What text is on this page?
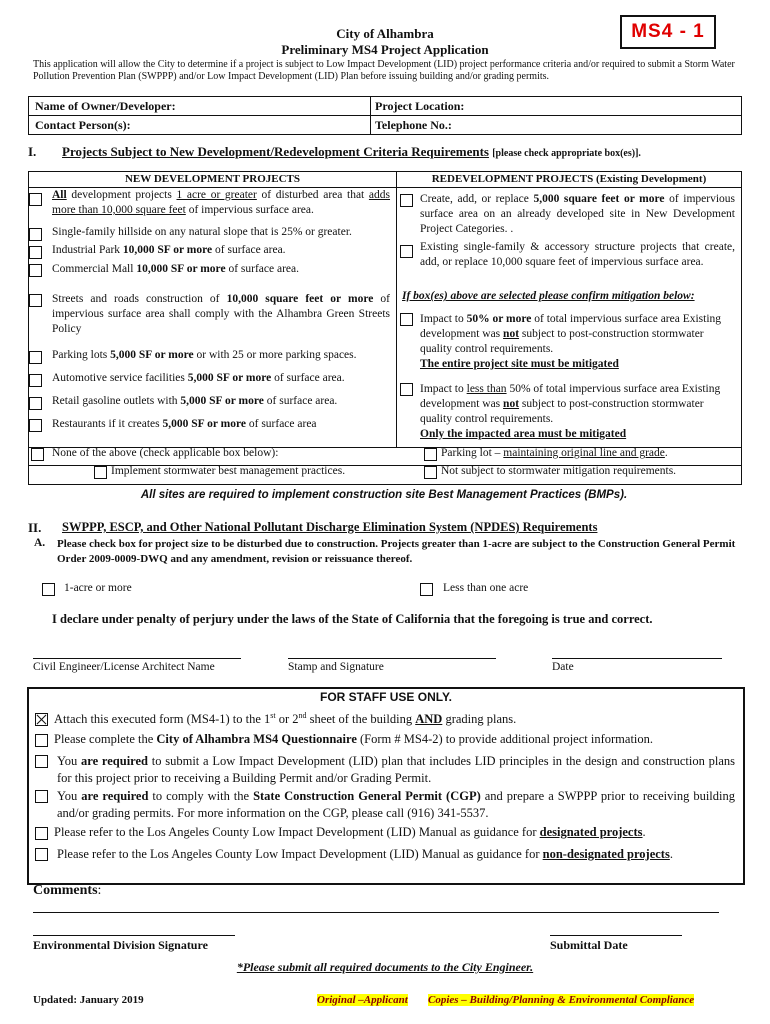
City of Alhambra
Preliminary MS4 Project Application
MS4 - 1
This application will allow the City to determine if a project is subject to Low Impact Development (LID) project performance criteria and/or required to submit a Storm Water Pollution Prevention Plan (SWPPP) and/or Low Impact Development (LID) Plan before issuing building and/or grading permits.
Name of Owner/Developer:	Project Location:
Contact Person(s):	Telephone No.:
I. Projects Subject to New Development/Redevelopment Criteria Requirements [please check appropriate box(es)].
NEW DEVELOPMENT PROJECTS	REDEVELOPMENT PROJECTS (Existing Development)

All development projects 1 acre or greater of disturbed area that adds more than 10,000 square feet of impervious surface area.

Single-family hillside on any natural slope that is 25% or greater.

Industrial Park 10,000 SF or more of surface area.

Commercial Mall 10,000 SF or more of surface area.

Streets and roads construction of 10,000 square feet or more of impervious surface area shall comply with the Alhambra Green Streets Policy

Parking lots 5,000 SF or more or with 25 or more parking spaces.

Automotive service facilities 5,000 SF or more of surface area.

Retail gasoline outlets with 5,000 SF or more of surface area.

Restaurants if it creates 5,000 SF or more of surface area

Create, add, or replace 5,000 square feet or more of impervious surface area on an already developed site in New Development Project Categories. .

Existing single-family & accessory structure projects that create, add, or replace 10,000 square feet of impervious surface area.

If box(es) above are selected please confirm mitigation below:

Impact to 50% or more of total impervious surface area Existing development was not subject to post-construction stormwater quality control requirements.
The entire project site must be mitigated

Impact to less than 50% of total impervious surface area Existing development was not subject to post-construction stormwater quality control requirements.
Only the impacted area must be mitigated

None of the above (check applicable box below):

Implement stormwater best management practices.

Parking lot – maintaining original line and grade.

Not subject to stormwater mitigation requirements.

All sites are required to implement construction site Best Management Practices (BMPs).

II. SWPPP, ESCP, and Other National Pollutant Discharge Elimination System (NPDES) Requirements
A. Please check box for project size to be disturbed due to construction. Projects greater than 1-acre are subject to the Construction General Permit Order 2009-0009-DWQ and any amendment, revision or reissuance thereof.

1-acre or more	Less than one acre

I declare under penalty of perjury under the laws of the State of California that the foregoing is true and correct.

Civil Engineer/License Architect Name	Stamp and Signature	Date

FOR STAFF USE ONLY.

Attach this executed form (MS4-1) to the 1st or 2nd sheet of the building AND grading plans.

Please complete the City of Alhambra MS4 Questionnaire (Form # MS4-2) to provide additional project information.

You are required to submit a Low Impact Development (LID) plan that includes LID principles in the design and construction plans for this project prior to receiving a Building Permit and/or Grading Permit.

You are required to comply with the State Construction General Permit (CGP) and prepare a SWPPP prior to receiving building and/or grading permits. For more information on the CGP, please call (916) 341-5537.

Please refer to the Los Angeles County Low Impact Development (LID) Manual as guidance for designated projects.

Please refer to the Los Angeles County Low Impact Development (LID) Manual as guidance for non-designated projects.

Comments:

Environmental Division Signature	Submittal Date

*Please submit all required documents to the City Engineer.

Updated: January 2019	Original –Applicant Copies – Building/Planning & Environmental Compliance
